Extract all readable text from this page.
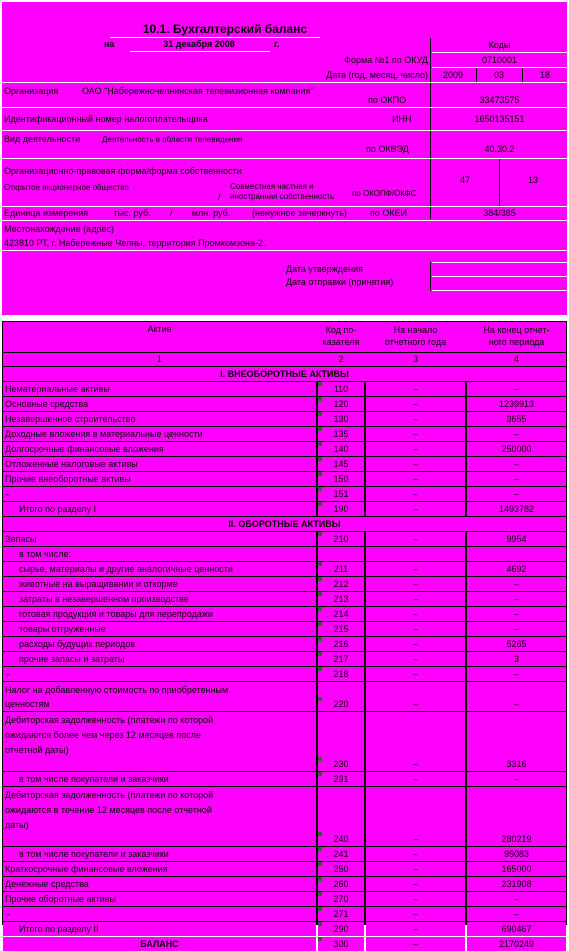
10.1. Бухгалтерский баланс
на	31 декабря 2008	г.	Коды
Форма №1 по ОКУД	0710001
Дата (год, месяц, число)	2009	03	18
Организация	ОАО "Набережночелнинская телевизионная компания"
по ОКПО	33473575
Идентификационный номер налогоплательщика	ИНН	1650135151
Вид деятельности	Деятельность в области телевидения
по ОКВЭД	40.30.2
Организационно-правовая форма/форма собственности
Открытое акционерное общество
/
Совместная частная и иностранная собственность	по ОКОПФ/ОКФС
47	13
Единица измерения	тыс. руб.	/	млн. руб.	(ненужное зачеркнуть)	по ОКЕИ	384/385
Местонахождение (адрес)
423810 РТ, г. Набережные Челны, территория Промкомзона-2.
Дата утверждения
Дата отправки (принятия)
Актив	Код по-
казателя
На начало
отчетного года
На конец отчет-
ного периода
1	2	3	4
I. ВНЕОБОРОТНЫЕ АКТИВЫ
Нематериальные активы	110	–	–
Основные средства	120	–	1239913
Незавершенное строительство	130	–	3655
Доходные вложения в материальные ценности	135	–	–
Долгосрочные финансовые вложения	140	–	250000
Отложенные налоговые активы	145	–	–
Прочие внеоборотные активы	150	–	–
–	151	–	–
Итого по разделу I	190	–	1493782
II. ОБОРОТНЫЕ АКТИВЫ
Запасы	210	–	9954
в том числе:
сырье, материалы и другие аналогичные ценности	211	–	4692
животные на выращивании и откорме	212	–	–
затраты в незавершенном производстве	213	–	–
готовая продукция и товары для перепродажи	214	–	–
товары отгруженные	215	–	–
расходы будущих периодов	216	–	5265
прочие запасы и затраты	217	–	3
–	218	–	–
Налог на добавленную стоимость по приобретенным
ценностям	220	–	–
Дебиторская задолженность (платежи по которой
ожидаются более чем через 12 месяцев после
отчетной даты)
230	–	3316
в том числе покупатели и заказчики	231	–	–
Дебиторская задолженность (платежи по которой
ожидаются в течение 12 месяцев после отчетной
даты)
240	–	280219
в том числе покупатели и заказчики	241	–	95083
Краткосрочные финансовые вложения	250	–	165000
Денежные средства	260	–	231908
Прочие оборотные активы	270	–	–
–	271	–	–
Итого по разделу II	290	–	690467
БАЛАНС	300	–	2170249
